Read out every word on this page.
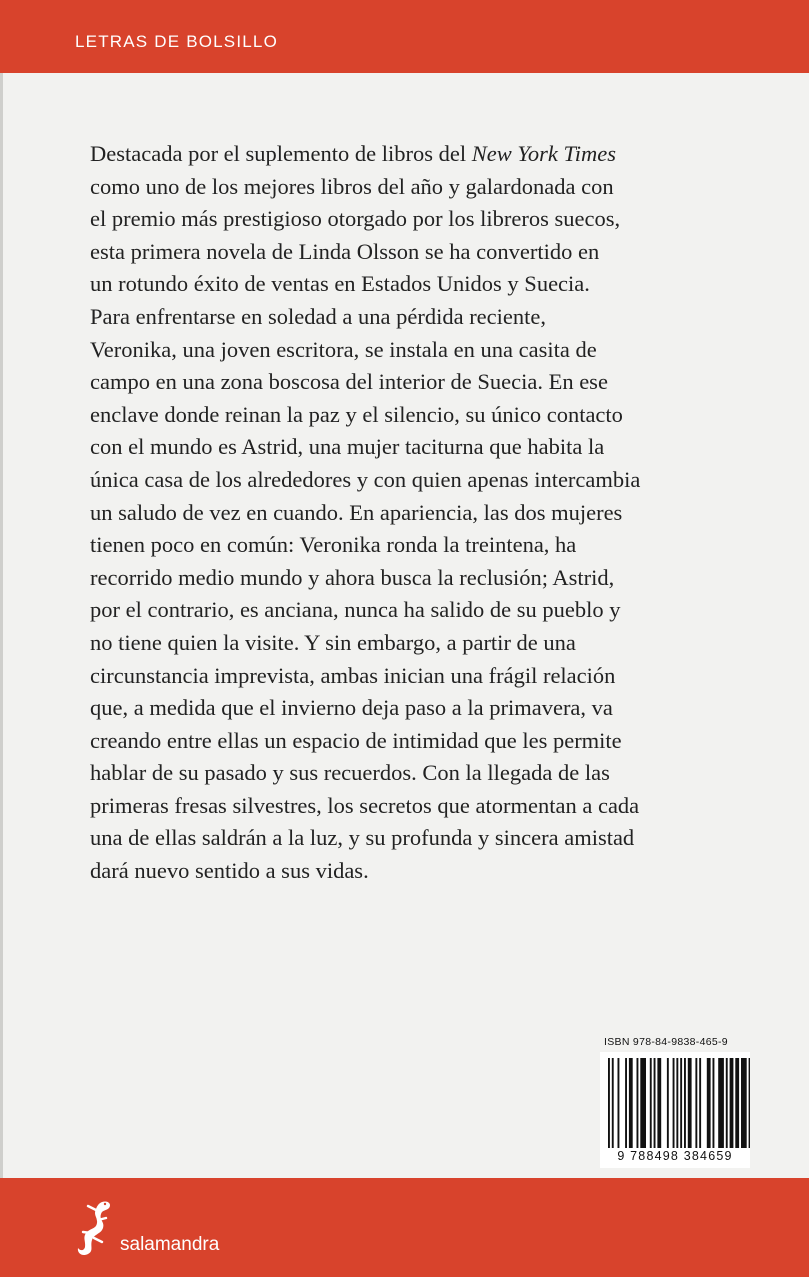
LETRAS DE BOLSILLO

Destacada por el suplemento de libros del New York Times

como uno de los mejores libros del año y galardonada con

el premio más prestigioso otorgado por los libreros suecos,

esta primera novela de Linda Olsson se ha convertido en

un rotundo éxito de ventas en Estados Unidos y Suecia.

Para enfrentarse en soledad a una pérdida reciente,

Veronika, una joven escritora, se instala en una casita de

campo en una zona boscosa del interior de Suecia. En ese

enclave donde reinan la paz y el silencio, su único contacto

con el mundo es Astrid, una mujer taciturna que habita la

única casa de los alrededores y con quien apenas intercambia

un saludo de vez en cuando. En apariencia, las dos mujeres

tienen poco en común: Veronika ronda la treintena, ha

recorrido medio mundo y ahora busca la reclusión; Astrid,

por el contrario, es anciana, nunca ha salido de su pueblo y

no tiene quien la visite. Y sin embargo, a partir de una

circunstancia imprevista, ambas inician una frágil relación

que, a medida que el invierno deja paso a la primavera, va

creando entre ellas un espacio de intimidad que les permite

hablar de su pasado y sus recuerdos. Con la llegada de las

primeras fresas silvestres, los secretos que atormentan a cada

una de ellas saldrán a la luz, y su profunda y sincera amistad

dará nuevo sentido a sus vidas.

ISBN 978-84-9838-465-9
9 788498 384659
salamandra
